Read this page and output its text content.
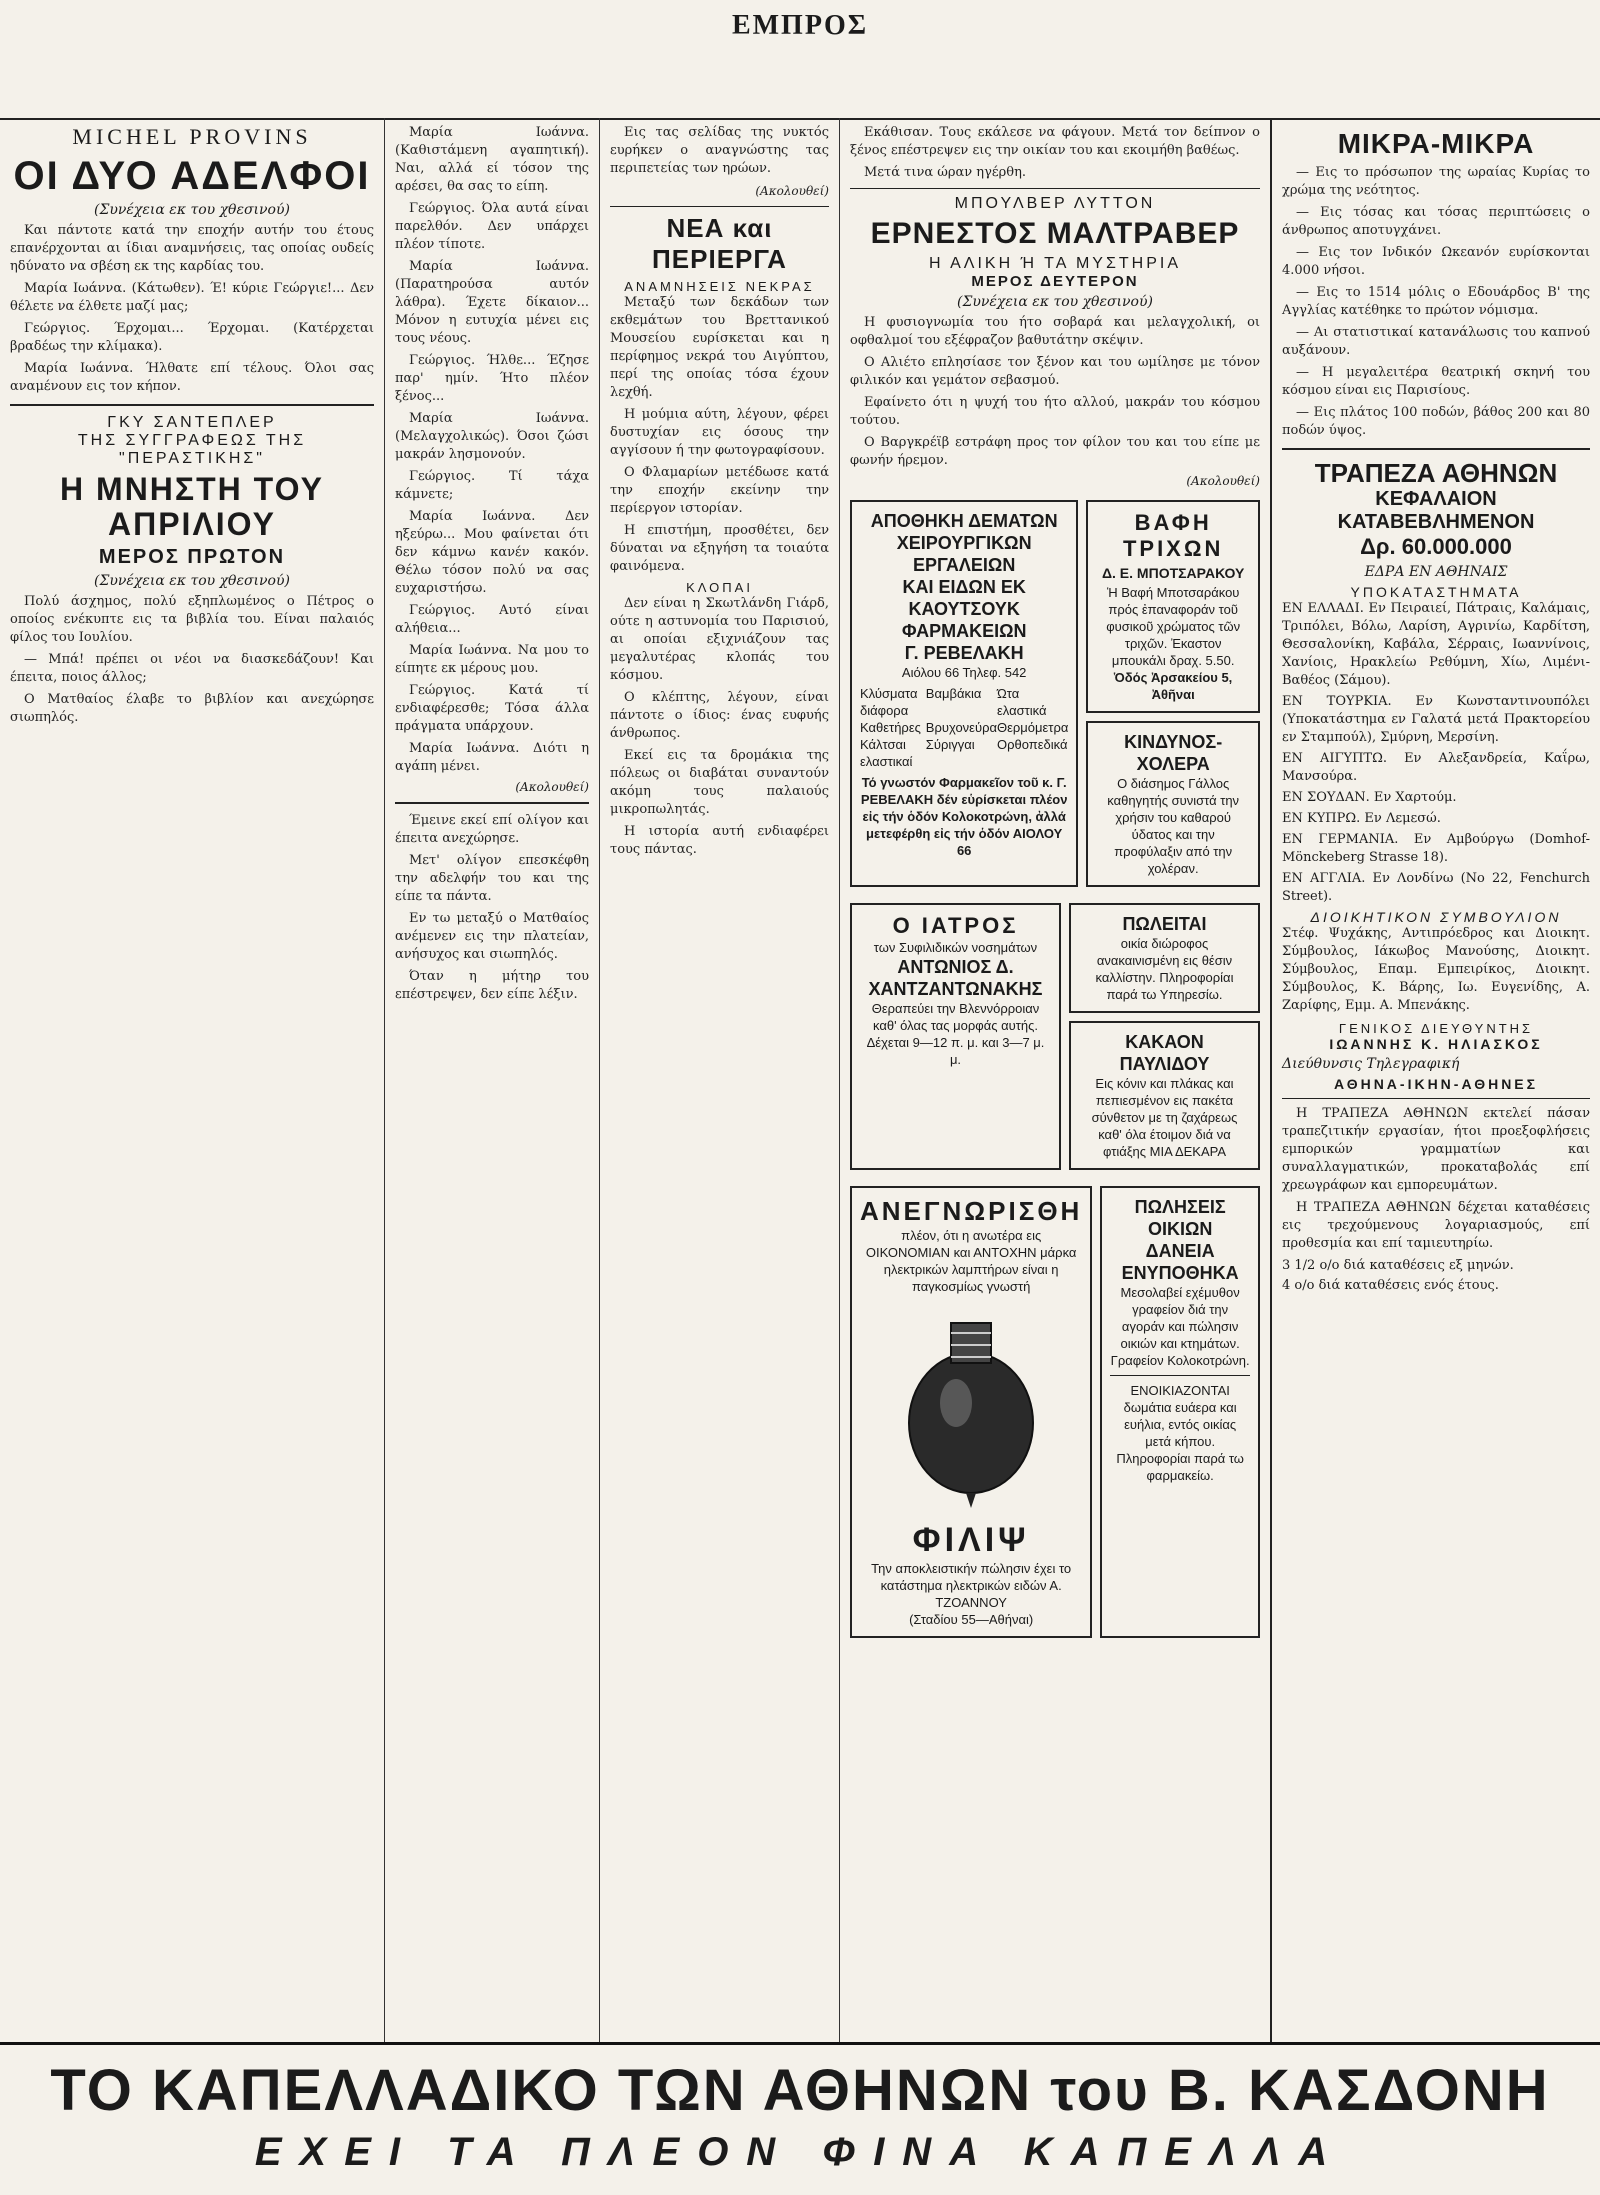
ΕΜΠΡΟΣ
MICHEL PROVINS
ΟΙ ΔΥΟ ΑΔΕΛΦΟΙ
(Συνέχεια εκ του χθεσινού)

Και πάντοτε κατά την εποχήν αυτήν του έτους επανέρχονται αι ίδιαι αναμνήσεις, τας οποίας ουδείς ηδύνατο να σβέση εκ της καρδίας του.

Μαρία Ιωάννα. (Κάτωθεν). Έ! κύριε Γεώργιε!... Δεν θέλετε να έλθετε μαζί μας;

Γεώργιος. Έρχομαι... Έρχομαι. (Κατέρχεται βραδέως την κλίμακα).

Μαρία Ιωάννα. Ήλθατε επί τέλους. Όλοι σας αναμένουν εις τον κήπον.

ΓΚΥ ΣΑΝΤΕΠΛΕΡ
ΤΗΣ ΣΥΓΓΡΑΦΕΩΣ ΤΗΣ "ΠΕΡΑΣΤΙΚΗΣ"
Η ΜΝΗΣΤΗ ΤΟΥ ΑΠΡΙΛΙΟΥ
ΜΕΡΟΣ ΠΡΩΤΟΝ
(Συνέχεια εκ του χθεσινού)

Πολύ άσχημος, πολύ εξηπλωμένος ο Πέτρος ο οποίος ενέκυπτε εις τα βιβλία του. Είναι παλαιός φίλος του Ιουλίου.

— Μπά! πρέπει οι νέοι να διασκεδάζουν! Και έπειτα, ποιος άλλος;

Ο Ματθαίος έλαβε το βιβλίον και ανεχώρησε σιωπηλός.

Μαρία Ιωάννα. (Καθιστάμενη αγαπητική). Ναι, αλλά εί τόσον της αρέσει, θα σας το είπη.

Γεώργιος. Όλα αυτά είναι παρελθόν. Δεν υπάρχει πλέον τίποτε.

Μαρία Ιωάννα. (Παρατηρούσα αυτόν λάθρα). Έχετε δίκαιον... Μόνον η ευτυχία μένει εις τους νέους.

Γεώργιος. Ήλθε... Έζησε παρ' ημίν. Ήτο πλέον ξένος...

Μαρία Ιωάννα. (Μελαγχολικώς). Όσοι ζώσι μακράν λησμονούν.

Γεώργιος. Τί τάχα κάμνετε;

Μαρία Ιωάννα. Δεν ηξεύρω... Μου φαίνεται ότι δεν κάμνω κανέν κακόν. Θέλω τόσον πολύ να σας ευχαριστήσω.

Γεώργιος. Αυτό είναι αλήθεια...

Μαρία Ιωάννα. Να μου το είπητε εκ μέρους μου.

Γεώργιος. Κατά τί ενδιαφέρεσθε; Τόσα άλλα πράγματα υπάρχουν.

Μαρία Ιωάννα. Διότι η αγάπη μένει.

(Ακολουθεί)

Έμεινε εκεί επί ολίγον και έπειτα ανεχώρησε.

Μετ' ολίγον επεσκέφθη την αδελφήν του και της είπε τα πάντα.

Εν τω μεταξύ ο Ματθαίος ανέμενεν εις την πλατείαν, ανήσυχος και σιωπηλός.

Όταν η μήτηρ του επέστρεψεν, δεν είπε λέξιν.

Εις τας σελίδας της νυκτός ευρήκεν ο αναγνώστης τας περιπετείας των ηρώων.

(Ακολουθεί)
ΝΕΑ και ΠΕΡΙΕΡΓΑ
ΑΝΑΜΝΗΣΕΙΣ ΝΕΚΡΑΣ

Μεταξύ των δεκάδων των εκθεμάτων του Βρεττανικού Μουσείου ευρίσκεται και η περίφημος νεκρά του Αιγύπτου, περί της οποίας τόσα έχουν λεχθή.

Η μούμια αύτη, λέγουν, φέρει δυστυχίαν εις όσους την αγγίσουν ή την φωτογραφίσουν.

Ο Φλαμαρίων μετέδωσε κατά την εποχήν εκείνην την περίεργον ιστορίαν.

Η επιστήμη, προσθέτει, δεν δύναται να εξηγήση τα τοιαύτα φαινόμενα.

ΚΛΟΠΑΙ

Δεν είναι η Σκωτλάνδη Γιάρδ, ούτε η αστυνομία του Παρισιού, αι οποίαι εξιχνιάζουν τας μεγαλυτέρας κλοπάς του κόσμου.

Ο κλέπτης, λέγουν, είναι πάντοτε ο ίδιος: ένας ευφυής άνθρωπος.

Εκεί εις τα δρομάκια της πόλεως οι διαβάται συναντούν ακόμη τους παλαιούς μικροπωλητάς.

Η ιστορία αυτή ενδιαφέρει τους πάντας.

Εκάθισαν. Τους εκάλεσε να φάγουν. Μετά τον δείπνον ο ξένος επέστρεψεν εις την οικίαν του και εκοιμήθη βαθέως.

Μετά τινα ώραν ηγέρθη.

ΜΠΟΥΛΒΕΡ ΛΥΤΤΟΝ
ΕΡΝΕΣΤΟΣ ΜΑΛΤΡΑΒΕΡ
Η ΑΛΙΚΗ Ή ΤΑ ΜΥΣΤΗΡΙΑ
ΜΕΡΟΣ ΔΕΥΤΕΡΟΝ
(Συνέχεια εκ του χθεσινού)

Η φυσιογνωμία του ήτο σοβαρά και μελαγχολική, οι οφθαλμοί του εξέφραζον βαθυτάτην σκέψιν.

Ο Αλιέτο επλησίασε τον ξένον και του ωμίλησε με τόνον φιλικόν και γεμάτον σεβασμού.

Εφαίνετο ότι η ψυχή του ήτο αλλού, μακράν του κόσμου τούτου.

Ο Βαργκρέϊβ εστράφη προς τον φίλον του και του είπε με φωνήν ήρεμον.

(Ακολουθεί)
ΑΠΟΘΗΚΗ ΔΕΜΑΤΩΝ
ΧΕΙΡΟΥΡΓΙΚΩΝ ΕΡΓΑΛΕΙΩΝ
ΚΑΙ ΕΙΔΩΝ ΕΚ ΚΑΟΥΤΣΟΥΚ
ΦΑΡΜΑΚΕΙΩΝ
Γ. ΡΕΒΕΛΑΚΗ
Αιόλου 66 Τηλεφ. 542
Κλύσματα διάφορα
Βαμβάκια	Ώτα ελαστικά
Καθετήρες Βρυχονεύρα Θερμόμετρα
Κάλτσαι ελαστικαί
Σύριγγαι	Ορθοπεδικά
Τό γνωστόν Φαρμακεῖον τοῦ κ. Γ. ΡΕΒΕΛΑΚΗ δέν εὑρίσκεται πλέον εἰς τήν ὁδόν Κολοκοτρώνη, ἀλλά μετεφέρθη εἰς τήν ὁδόν ΑΙΟΛΟΥ 66
ΒΑΦΗ ΤΡΙΧΩΝ
Δ. Ε. ΜΠΟΤΣΑΡΑΚΟΥ
Ἡ Βαφή Μποτσαράκου πρός ἐπαναφοράν τοῦ φυσικοῦ χρώματος τῶν τριχῶν. Ἐκαστον μπουκάλι δραχ. 5.50.
Ὁδός Ἀρσακείου 5, Ἀθῆναι
ΚΙΝΔΥΝΟΣ-ΧΟΛΕΡΑ
Ο διάσημος Γάλλος καθηγητής συνιστά την χρήσιν του καθαρού ύδατος και την προφύλαξιν από την χολέραν.
Ο ΙΑΤΡΟΣ
των Συφιλιδικών νοσημάτων
ΑΝΤΩΝΙΟΣ Δ. ΧΑΝΤΖΑΝΤΩΝΑΚΗΣ
Θεραπεύει την Βλεννόρροιαν καθ' όλας τας μορφάς αυτής. Δέχεται 9—12 π. μ. και 3—7 μ. μ.
ΠΩΛΕΙΤΑΙ
οικία διώροφος ανακαινισμένη εις θέσιν καλλίστην. Πληροφορίαι παρά τω Υπηρεσίω.
ΚΑΚΑΟΝ ΠΑΥΛΙΔΟΥ
Εις κόνιν και πλάκας και πεπιεσμένον εις πακέτα σύνθετον με τη ζαχάρεως καθ' όλα έτοιμον διά να φτιάξης ΜΙΑ ΔΕΚΑΡΑ
ΑΝΕΓΝΩΡΙΣΘΗ
πλέον, ότι η ανωτέρα εις ΟΙΚΟΝΟΜΙΑΝ και ΑΝΤΟΧΗΝ μάρκα ηλεκτρικών λαμπτήρων είναι η παγκοσμίως γνωστή
ΦΙΛΙΨ
Την αποκλειστικήν πώλησιν έχει το κατάστημα ηλεκτρικών ειδών Α. ΤΖΟΑΝΝΟΥ
(Σταδίου 55—Αθήναι)
ΠΩΛΗΣΕΙΣ ΟΙΚΙΩΝ
ΔΑΝΕΙΑ ΕΝΥΠΟΘΗΚΑ
Μεσολαβεί εχέμυθον γραφείον διά την αγοράν και πώλησιν οικιών και κτημάτων. Γραφείον Κολοκοτρώνη.
ΕΝΟΙΚΙΑΖΟΝΤΑΙ δωμάτια ευάερα και ευήλια, εντός οικίας μετά κήπου. Πληροφορίαι παρά τω φαρμακείω.
ΜΙΚΡΑ-ΜΙΚΡΑ

— Εις το πρόσωπον της ωραίας Κυρίας το χρώμα της νεότητος.

— Εις τόσας και τόσας περιπτώσεις ο άνθρωπος αποτυγχάνει.

— Εις τον Ινδικόν Ωκεανόν ευρίσκονται 4.000 νήσοι.

— Εις το 1514 μόλις ο Εδουάρδος Β' της Αγγλίας κατέθηκε το πρώτον νόμισμα.

— Αι στατιστικαί κατανάλωσις του καπνού αυξάνουν.

— Η μεγαλειτέρα θεατρική σκηνή του κόσμου είναι εις Παρισίους.

— Εις πλάτος 100 ποδών, βάθος 200 και 80 ποδών ύψος.

ΤΡΑΠΕΖΑ ΑΘΗΝΩΝ
ΚΕΦΑΛΑΙΟΝ ΚΑΤΑΒΕΒΛΗΜΕΝΟΝ
Δρ. 60.000.000
ΕΔΡΑ ΕΝ ΑΘΗΝΑΙΣ
ΥΠΟΚΑΤΑΣΤΗΜΑΤΑ

ΕΝ ΕΛΛΑΔΙ. Εν Πειραιεί, Πάτραις, Καλάμαις, Τριπόλει, Βόλω, Λαρίση, Αγρινίω, Καρδίτση, Θεσσαλονίκη, Καβάλα, Σέρραις, Ιωαννίνοις, Χανίοις, Ηρακλείω Ρεθύμνη, Χίω, Λιμένι-Βαθέος (Σάμου).

ΕΝ ΤΟΥΡΚΙΑ. Εν Κωνσταντινουπόλει (Υποκατάστημα εν Γαλατά μετά Πρακτορείου εν Σταμπούλ), Σμύρνη, Μερσίνη.

ΕΝ ΑΙΓΥΠΤΩ. Εν Αλεξανδρεία, Καΐρω, Μανσούρα.

ΕΝ ΣΟΥΔΑΝ. Εν Χαρτούμ.

ΕΝ ΚΥΠΡΩ. Εν Λεμεσώ.

ΕΝ ΓΕΡΜΑΝΙΑ. Εν Αμβούργω (Domhof-Mönckeberg Strasse 18).

ΕΝ ΑΓΓΛΙΑ. Εν Λονδίνω (No 22, Fenchurch Street).

ΔΙΟΙΚΗΤΙΚΟΝ ΣΥΜΒΟΥΛΙΟΝ
Στέφ. Ψυχάκης, Αντιπρόεδρος και Διοικητ. Σύμβουλος, Ιάκωβος Μανούσης, Διοικητ. Σύμβουλος, Επαμ. Εμπειρίκος, Διοικητ. Σύμβουλος, Κ. Βάρης, Ιω. Ευγενίδης, Α. Ζαρίφης, Εμμ. Α. Μπενάκης.
ΓΕΝΙΚΟΣ ΔΙΕΥΘΥΝΤΗΣ
ΙΩΑΝΝΗΣ Κ. ΗΛΙΑΣΚΟΣ
Διεύθυνσις Τηλεγραφική
ΑΘΗΝΑ-ΙΚΗΝ-ΑΘΗΝΕΣ

Η ΤΡΑΠΕΖΑ ΑΘΗΝΩΝ εκτελεί πάσαν τραπεζιτικήν εργασίαν, ήτοι προεξοφλήσεις εμπορικών γραμματίων και συναλλαγματικών, προκαταβολάς επί χρεωγράφων και εμπορευμάτων.

Η ΤΡΑΠΕΖΑ ΑΘΗΝΩΝ δέχεται καταθέσεις εις τρεχούμενους λογαριασμούς, επί προθεσμία και επί ταμιευτηρίω.

3 1/2 ο/ο διά καταθέσεις εξ μηνών.

4 ο/ο διά καταθέσεις ενός έτους.

ΤΟ ΚΑΠΕΛΛΑΔΙΚΟ ΤΩΝ ΑΘΗΝΩΝ του Β. ΚΑΣΔΟΝΗ
ΕΧΕΙ ΤΑ ΠΛΕΟΝ ΦΙΝΑ ΚΑΠΕΛΛΑ
